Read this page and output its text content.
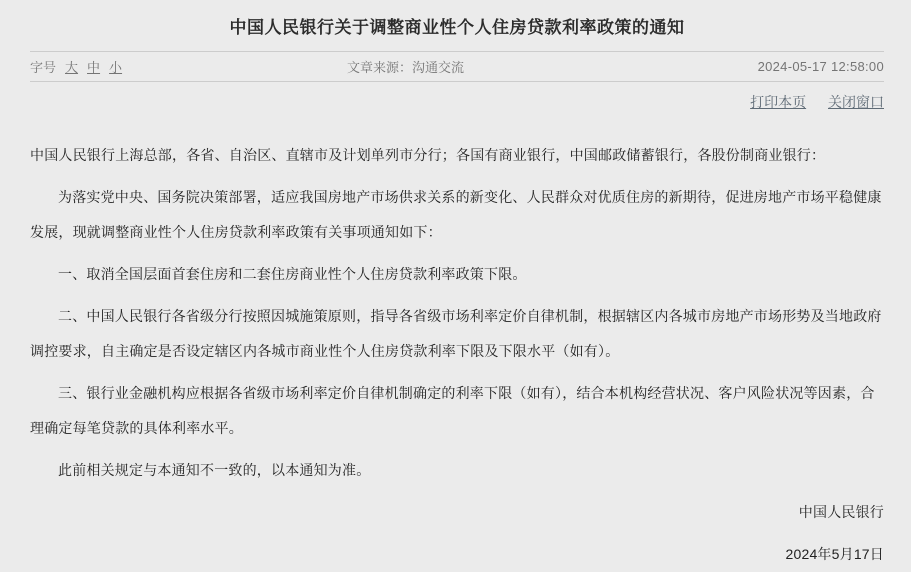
中国人民银行关于调整商业性个人住房贷款利率政策的通知
字号 大 中 小	文章来源：沟通交流	2024-05-17 12:58:00
打印本页 关闭窗口

中国人民银行上海总部，各省、自治区、直辖市及计划单列市分行；各国有商业银行，中国邮政储蓄银行，各股份制商业银行：

为落实党中央、国务院决策部署，适应我国房地产市场供求关系的新变化、人民群众对优质住房的新期待，促进房地产市场平稳健康发展，现就调整商业性个人住房贷款利率政策有关事项通知如下：

一、取消全国层面首套住房和二套住房商业性个人住房贷款利率政策下限。

二、中国人民银行各省级分行按照因城施策原则，指导各省级市场利率定价自律机制，根据辖区内各城市房地产市场形势及当地政府调控要求，自主确定是否设定辖区内各城市商业性个人住房贷款利率下限及下限水平（如有）。

三、银行业金融机构应根据各省级市场利率定价自律机制确定的利率下限（如有），结合本机构经营状况、客户风险状况等因素，合理确定每笔贷款的具体利率水平。

此前相关规定与本通知不一致的，以本通知为准。

中国人民银行

2024年5月17日
